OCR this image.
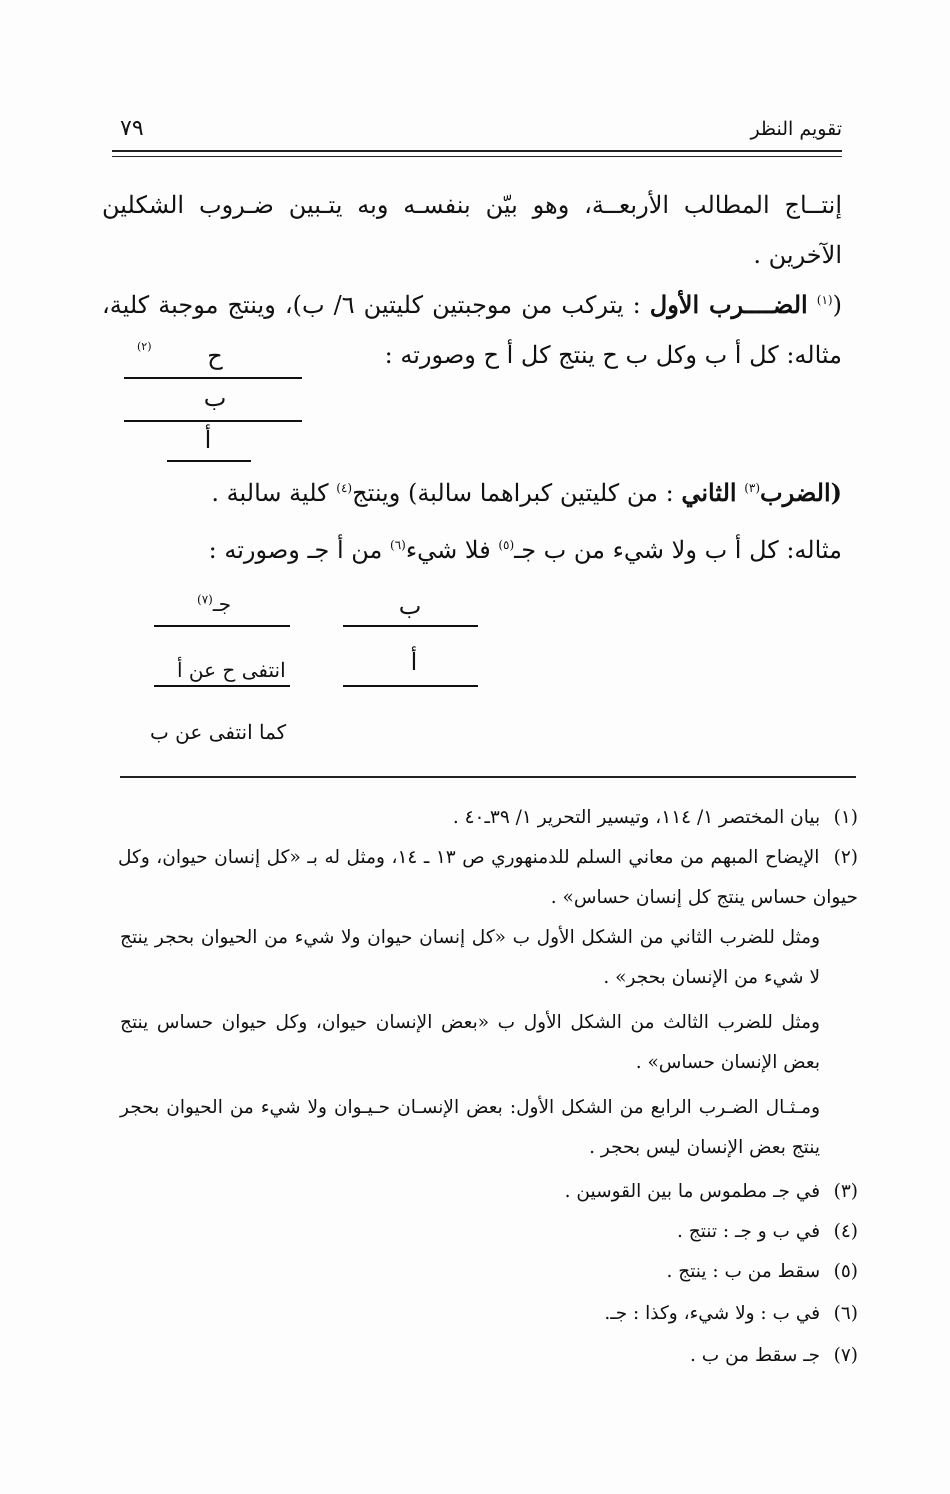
تقويم النظر
٧٩
إنتــاج المطالب الأربعــة، وهو بيّن بنفسـه وبه يتـبين ضـروب الشكلين الآخرين .
($^{(١)}$ الضــــرب الأول : يتركب من موجبتين كليتين ٦/ ب)، وينتج موجبة كلية، مثاله: كل أ ب وكل ب ح ينتج كل أ ح وصورته :
(٢)	ح
ب
أ
(الضرب$^{(٣)}$ الثاني : من كليتين كبراهما سالبة) وينتج$^{(٤)}$ كلية سالبة .
مثاله: كل أ ب ولا شيء من ب جـ$^{(٥)}$ فلا شيء$^{(٦)}$ من أ جـ وصورته :
ب
أ
جـ$^{(٧)}$
انتفى ح عن أ
كما انتفى عن ب
(١) بيان المختصر ١/ ١١٤، وتيسير التحرير ١/ ٣٩ـ٤٠ .
(٢) الإيضاح المبهم من معاني السلم للدمنهوري ص ١٣ ـ ١٤، ومثل له بـ «كل إنسان حيوان، وكل حيوان حساس ينتج كل إنسان حساس» .
ومثل للضرب الثاني من الشكل الأول ب «كل إنسان حيوان ولا شيء من الحيوان بحجر ينتج لا شيء من الإنسان بحجر» .
ومثل للضرب الثالث من الشكل الأول ب «بعض الإنسان حيوان، وكل حيوان حساس ينتج بعض الإنسان حساس» .
ومـثـال الضـرب الرابع من الشكل الأول: بعض الإنسـان حـيـوان ولا شيء من الحيوان بحجر ينتج بعض الإنسان ليس بحجر .
(٣) في جـ مطموس ما بين القوسين .
(٤) في ب و جـ : تنتج .
(٥) سقط من ب : ينتج .
(٦) في ب : ولا شيء، وكذا : جـ.
(٧) جـ سقط من ب .
